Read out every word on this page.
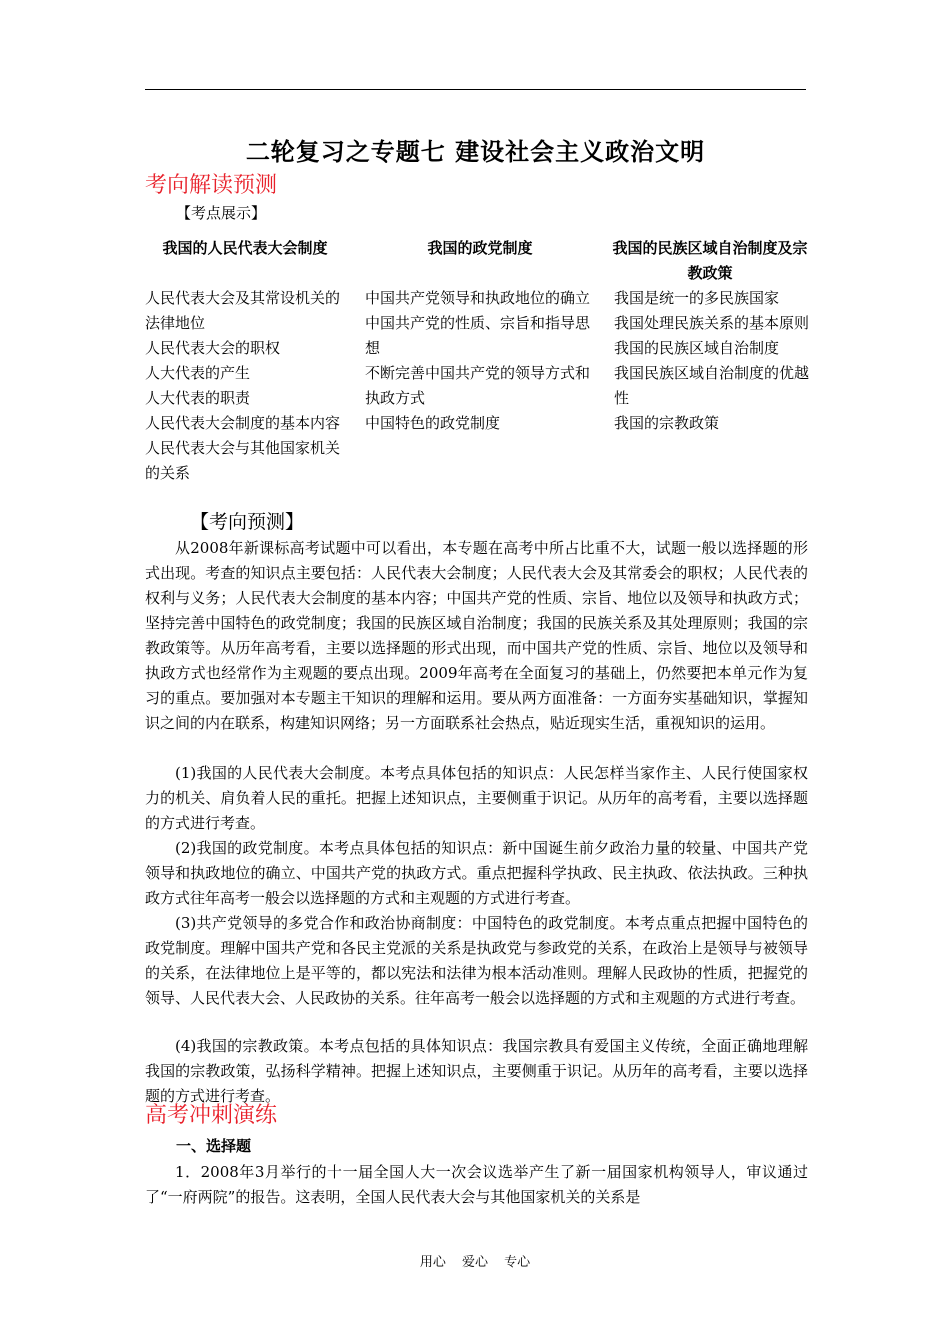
二轮复习之专题七 建设社会主义政治文明
考向解读预测
【考点展示】
我国的人民代表大会制度	我国的政党制度	我国的民族区域自治制度及宗教政策
人民代表大会及其常设机关的法律地位
人民代表大会的职权
人大代表的产生
人大代表的职责
人民代表大会制度的基本内容
人民代表大会与其他国家机关的关系
中国共产党领导和执政地位的确立
中国共产党的性质、宗旨和指导思想
不断完善中国共产党的领导方式和执政方式
中国特色的政党制度
我国是统一的多民族国家
我国处理民族关系的基本原则
我国的民族区域自治制度
我国民族区域自治制度的优越性
我国的宗教政策
【考向预测】

从2008年新课标高考试题中可以看出，本专题在高考中所占比重不大，试题一般以选择题的形式出现。考查的知识点主要包括：人民代表大会制度；人民代表大会及其常委会的职权；人民代表的权利与义务；人民代表大会制度的基本内容；中国共产党的性质、宗旨、地位以及领导和执政方式；坚持完善中国特色的政党制度；我国的民族区域自治制度；我国的民族关系及其处理原则；我国的宗教政策等。从历年高考看，主要以选择题的形式出现，而中国共产党的性质、宗旨、地位以及领导和执政方式也经常作为主观题的要点出现。2009年高考在全面复习的基础上，仍然要把本单元作为复习的重点。要加强对本专题主干知识的理解和运用。要从两方面准备：一方面夯实基础知识，掌握知识之间的内在联系，构建知识网络；另一方面联系社会热点，贴近现实生活，重视知识的运用。

(1)我国的人民代表大会制度。本考点具体包括的知识点：人民怎样当家作主、人民行使国家权力的机关、肩负着人民的重托。把握上述知识点，主要侧重于识记。从历年的高考看，主要以选择题的方式进行考查。

(2)我国的政党制度。本考点具体包括的知识点：新中国诞生前夕政治力量的较量、中国共产党领导和执政地位的确立、中国共产党的执政方式。重点把握科学执政、民主执政、依法执政。三种执政方式往年高考一般会以选择题的方式和主观题的方式进行考查。

(3)共产党领导的多党合作和政治协商制度：中国特色的政党制度。本考点重点把握中国特色的政党制度。理解中国共产党和各民主党派的关系是执政党与参政党的关系，在政治上是领导与被领导的关系，在法律地位上是平等的，都以宪法和法律为根本活动准则。理解人民政协的性质，把握党的领导、人民代表大会、人民政协的关系。往年高考一般会以选择题的方式和主观题的方式进行考查。

(4)我国的宗教政策。本考点包括的具体知识点：我国宗教具有爱国主义传统，全面正确地理解我国的宗教政策，弘扬科学精神。把握上述知识点，主要侧重于识记。从历年的高考看，主要以选择题的方式进行考查。

高考冲刺演练
一、选择题

1．2008年3月举行的十一届全国人大一次会议选举产生了新一届国家机构领导人，审议通过了“一府两院”的报告。这表明，全国人民代表大会与其他国家机关的关系是

用心 爱心 专心
